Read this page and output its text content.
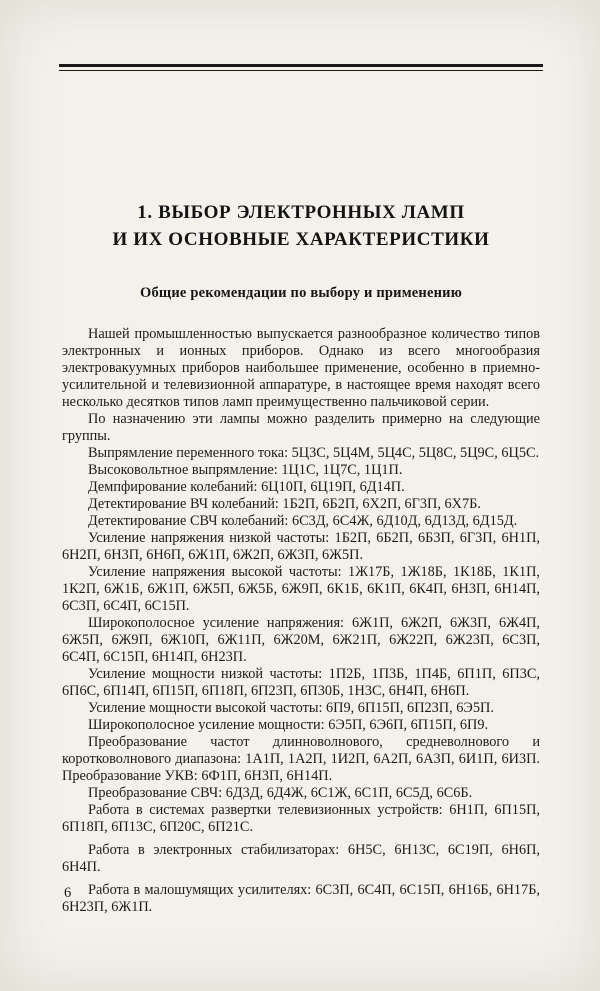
1. ВЫБОР ЭЛЕКТРОННЫХ ЛАМП
И ИХ ОСНОВНЫЕ ХАРАКТЕРИСТИКИ
Общие рекомендации по выбору и применению

Нашей промышленностью выпускается разнообразное количество типов электронных и ионных приборов. Однако из всего многообразия электровакуумных приборов наибольшее применение, особенно в приемно-усилительной и телевизионной аппаратуре, в настоящее время находят всего несколько десятков типов ламп преимущественно пальчиковой серии.

По назначению эти лампы можно разделить примерно на следующие группы.

Выпрямление переменного тока: 5Ц3С, 5Ц4М, 5Ц4С, 5Ц8С, 5Ц9С, 6Ц5С.

Высоковольтное выпрямление: 1Ц1С, 1Ц7С, 1Ц1П.

Демпфирование колебаний: 6Ц10П, 6Ц19П, 6Д14П.

Детектирование ВЧ колебаний: 1Б2П, 6Б2П, 6Х2П, 6Г3П, 6Х7Б.

Детектирование СВЧ колебаний: 6С3Д, 6С4Ж, 6Д10Д, 6Д13Д, 6Д15Д.

Усиление напряжения низкой частоты: 1Б2П, 6Б2П, 6Б3П, 6Г3П, 6Н1П, 6Н2П, 6Н3П, 6Н6П, 6Ж1П, 6Ж2П, 6Ж3П, 6Ж5П.

Усиление напряжения высокой частоты: 1Ж17Б, 1Ж18Б, 1К18Б, 1К1П, 1К2П, 6Ж1Б, 6Ж1П, 6Ж5П, 6Ж5Б, 6Ж9П, 6К1Б, 6К1П, 6К4П, 6Н3П, 6Н14П, 6С3П, 6С4П, 6С15П.

Широкополосное усиление напряжения: 6Ж1П, 6Ж2П, 6Ж3П, 6Ж4П, 6Ж5П, 6Ж9П, 6Ж10П, 6Ж11П, 6Ж20М, 6Ж21П, 6Ж22П, 6Ж23П, 6С3П, 6С4П, 6С15П, 6Н14П, 6Н23П.

Усиление мощности низкой частоты: 1П2Б, 1П3Б, 1П4Б, 6П1П, 6П3С, 6П6С, 6П14П, 6П15П, 6П18П, 6П23П, 6П30Б, 1Н3С, 6Н4П, 6Н6П.

Усиление мощности высокой частоты: 6П9, 6П15П, 6П23П, 6Э5П.

Широкополосное усиление мощности: 6Э5П, 6Э6П, 6П15П, 6П9.

Преобразование частот длинноволнового, средневолнового и коротковолнового диапазона: 1А1П, 1А2П, 1И2П, 6А2П, 6А3П, 6И1П, 6И3П. Преобразование УКВ: 6Ф1П, 6Н3П, 6Н14П.

Преобразование СВЧ: 6Д3Д, 6Д4Ж, 6С1Ж, 6С1П, 6С5Д, 6С6Б.

Работа в системах развертки телевизионных устройств: 6Н1П, 6П15П, 6П18П, 6П13С, 6П20С, 6П21С.

Работа в электронных стабилизаторах: 6Н5С, 6Н13С, 6С19П, 6Н6П, 6Н4П.

Работа в малошумящих усилителях: 6С3П, 6С4П, 6С15П, 6Н16Б, 6Н17Б, 6Н23П, 6Ж1П.

6
